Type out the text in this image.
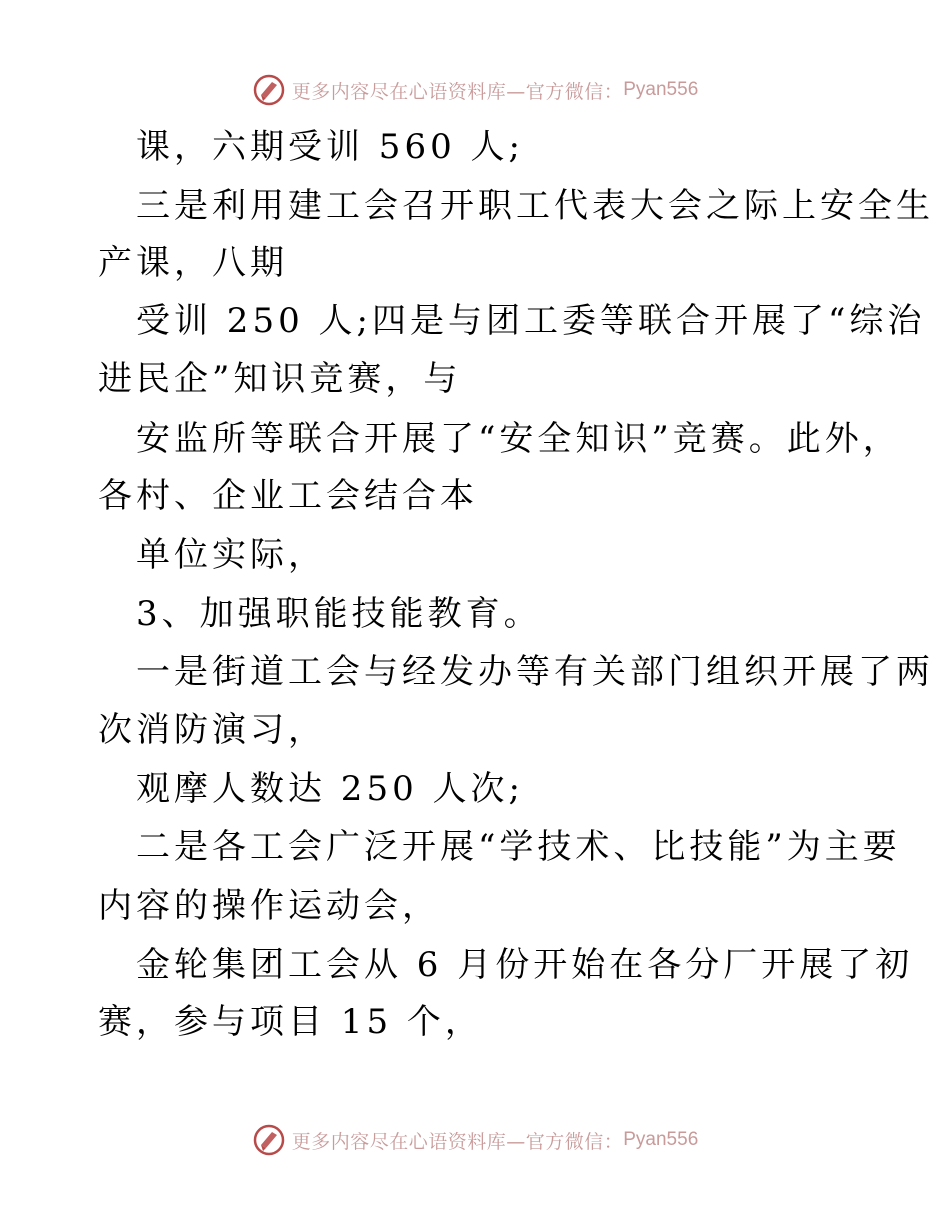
更多内容尽在心语资料库—官方微信： Pyan556
课，六期受训 560 人;
三是利用建工会召开职工代表大会之际上安全生
产课，八期
受训 250 人;四是与团工委等联合开展了“综治
进民企”知识竞赛，与
安监所等联合开展了“安全知识”竞赛。此外，
各村、企业工会结合本
单位实际，
3、加强职能技能教育。
一是街道工会与经发办等有关部门组织开展了两
次消防演习，
观摩人数达 250 人次;
二是各工会广泛开展“学技术、比技能”为主要
内容的操作运动会，
金轮集团工会从 6 月份开始在各分厂开展了初
赛，参与项目 15 个，
更多内容尽在心语资料库—官方微信： Pyan556
